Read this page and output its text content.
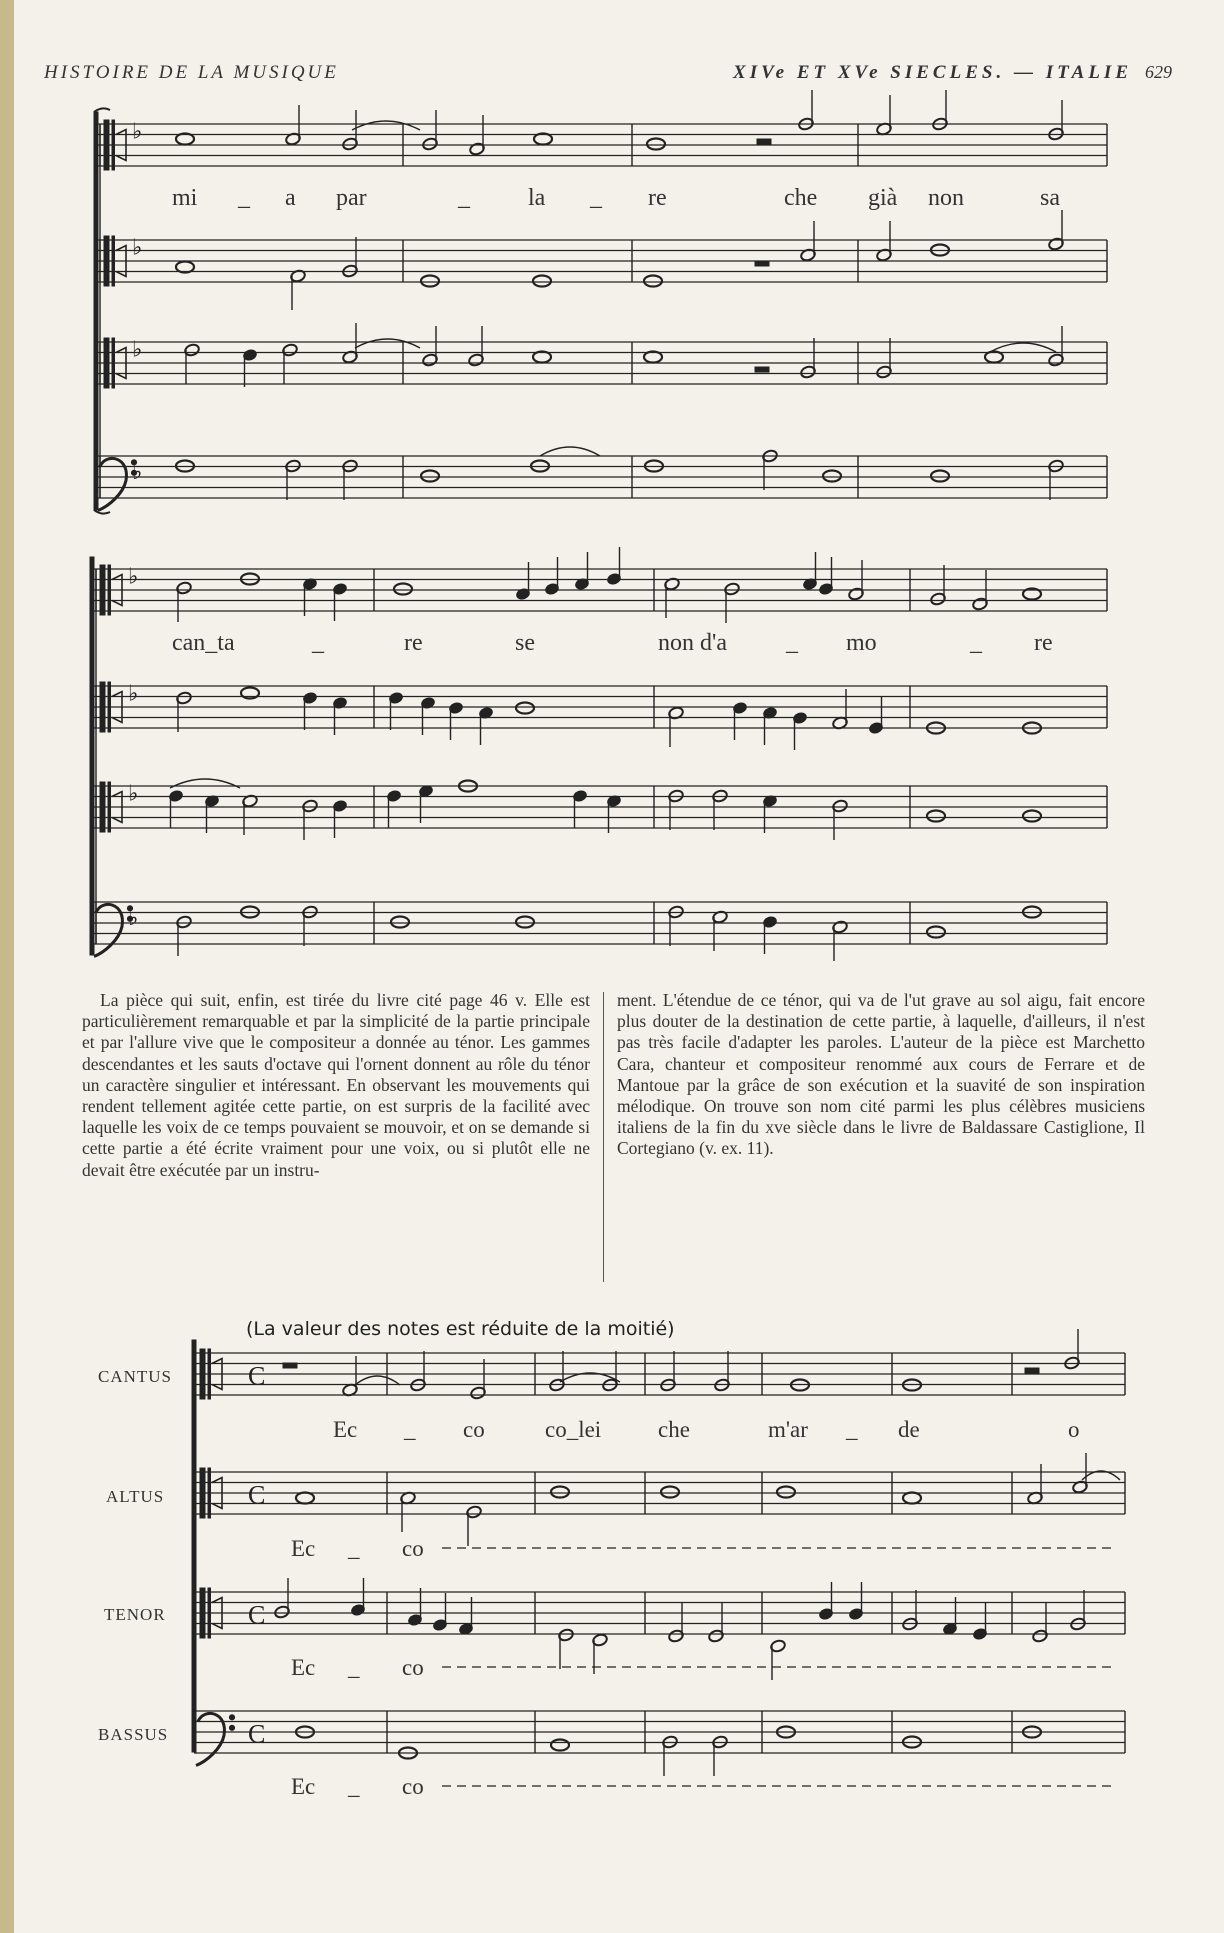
HISTOIRE DE LA MUSIQUE	XIVe ET XVe SIECLES. — ITALIE 629
♭
♭
♭
♭
♭
♭
♭
♭
C
C
C
C
mi _ a par	_ la _ re	che già non	sa
can_ta	_	re	se	non d'a _ mo	_ re

La pièce qui suit, enfin, est tirée du livre cité page 46 v. Elle est particulièrement remarquable et par la simplicité de la partie principale et par l'allure vive que le compositeur a donnée au ténor. Les gammes descendantes et les sauts d'octave qui l'ornent donnent au rôle du ténor un caractère singulier et intéressant. En observant les mouvements qui rendent tellement agitée cette partie, on est surpris de la facilité avec laquelle les voix de ce temps pouvaient se mouvoir, et on se demande si cette partie a été écrite vraiment pour une voix, ou si plutôt elle ne devait être exécutée par un instru-

ment. L'étendue de ce ténor, qui va de l'ut grave au sol aigu, fait encore plus douter de la destination de cette partie, à laquelle, d'ailleurs, il n'est pas très facile d'adapter les paroles. L'auteur de la pièce est Marchetto Cara, chanteur et compositeur renommé aux cours de Ferrare et de Mantoue par la grâce de son exécution et la suavité de son inspiration mélodique. On trouve son nom cité parmi les plus célèbres musiciens italiens de la fin du xve siècle dans le livre de Baldassare Castiglione, Il Cortegiano (v. ex. 11).

(La valeur des notes est réduite de la moitié)
CANTUS
ALTUS
TENOR
BASSUS
Ec _ co	co_lei che	m'ar _ de	o
Ec _ co
Ec _ co
Ec _ co
